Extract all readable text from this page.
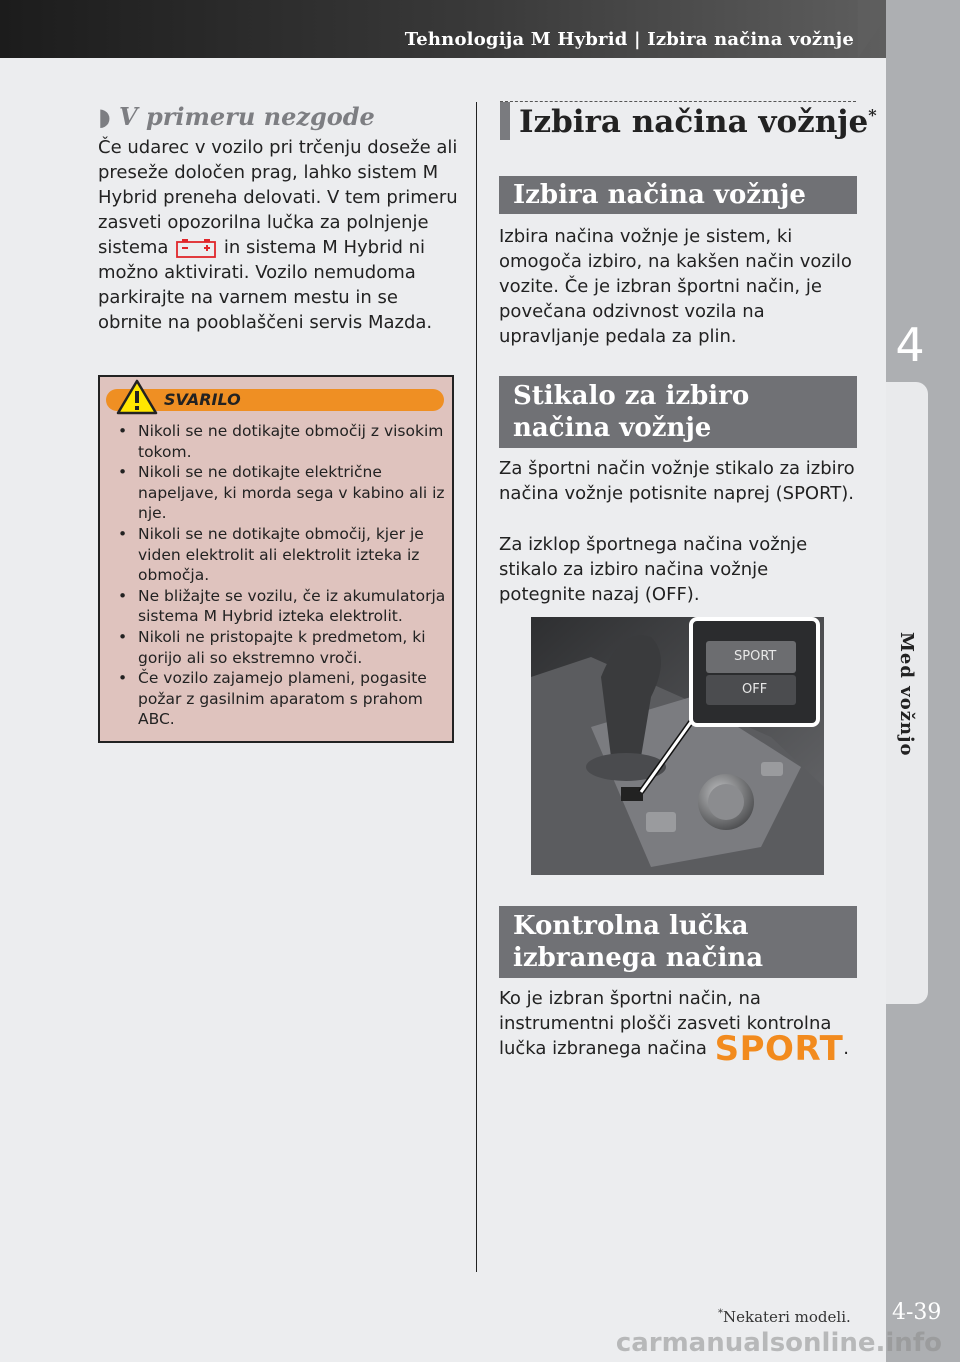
Tehnologija M Hybrid | Izbira načina vožnje
4
Med vožnjo
4-39
◗ V primeru nezgode
Če udarec v vozilo pri trčenju doseže ali preseže določen prag, lahko sistem M Hybrid preneha delovati. V tem primeru zasveti opozorilna lučka za polnjenje sistema	in sistema M Hybrid ni možno aktivirati. Vozilo nemudoma parkirajte na varnem mestu in se obrnite na pooblaščeni servis Mazda.
SVARILO
• Nikoli se ne dotikajte območij z visokim tokom.
• Nikoli se ne dotikajte električne napeljave, ki morda sega v kabino ali iz nje.
• Nikoli se ne dotikajte območij, kjer je viden elektrolit ali elektrolit izteka iz območja.
• Ne bližajte se vozilu, če iz akumulatorja sistema M Hybrid izteka elektrolit.
• Nikoli ne pristopajte k predmetom, ki gorijo ali so ekstremno vroči.
• Če vozilo zajamejo plameni, pogasite požar z gasilnim aparatom s prahom ABC.
Izbira načina vožnje*
Izbira načina vožnje
Izbira načina vožnje je sistem, ki omogoča izbiro, na kakšen način vozilo vozite. Če je izbran športni način, je povečana odzivnost vozila na upravljanje pedala za plin.
Stikalo za izbiro načina vožnje
Za športni način vožnje stikalo za izbiro načina vožnje potisnite naprej (SPORT).
Za izklop športnega načina vožnje stikalo za izbiro načina vožnje potegnite nazaj (OFF).
SPORT
OFF
Kontrolna lučka izbranega načina
Ko je izbran športni način, na instrumentni plošči zasveti kontrolna lučka izbranega načina SPORT.
*Nekateri modeli.
carmanualsonline.info
